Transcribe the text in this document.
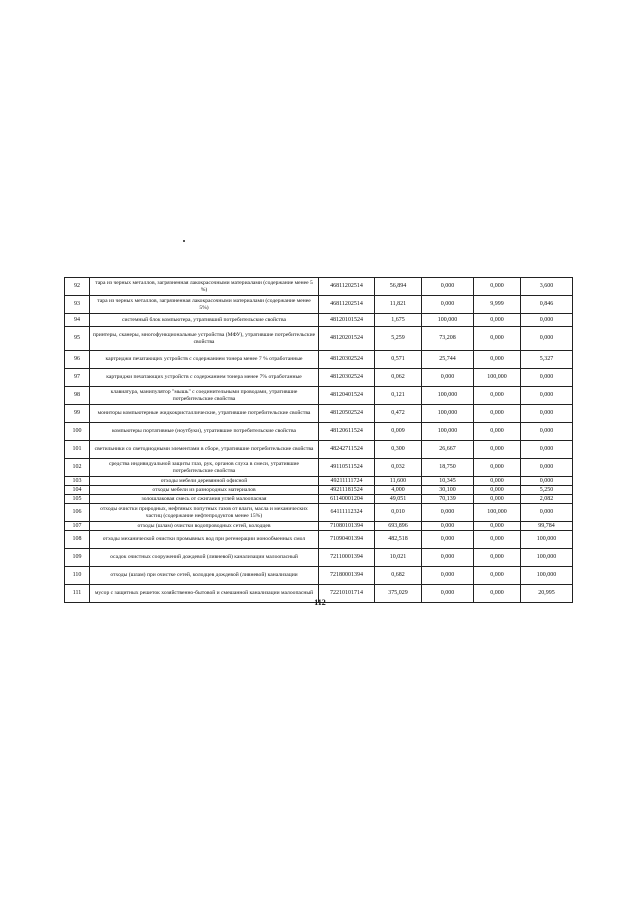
92	тара из черных металлов, загрязненная лакокрасочными материалами (содержание менее 5 %)	46811202514	56,894	0,000	0,000	3,600
93	тара из черных металлов, загрязненная лакокрасочными материалами (содержание менее 5%)	46811202514	11,821	0,000	9,999	0,846
94	системный блок компьютера, утративший потребительские свойства	48120101524	1,675	100,000	0,000	0,000
95	принтеры, сканеры, многофункциональные устройства (МФУ), утратившие потребительские свойства	48120201524	5,259	73,208	0,000	0,000
96	картриджи печатающих устройств с содержанием тонера менее 7 % отработанные	48120302524	0,571	25,744	0,000	5,327
97	картриджи печатающих устройств с содержанием тонера менее 7% отработанные	48120302524	0,062	0,000	100,000	0,000
98	клавиатура, манипулятор "мышь" с соединительными проводами, утратившие потребительские свойства	48120401524	0,121	100,000	0,000	0,000
99	мониторы компьютерные жидкокристаллические, утратившие потребительские свойства	48120502524	0,472	100,000	0,000	0,000
100	компьютеры портативные (ноутбуки), утратившие потребительские свойства	48120611524	0,009	100,000	0,000	0,000
101	светильники со светодиодными элементами в сборе, утратившие потребительские свойства	48242711524	0,300	26,667	0,000	0,000
102	средства индивидуальной защиты глаз, рук, органов слуха в смеси, утратившие потребительские свойства	49110511524	0,032	18,750	0,000	0,000
103	отходы мебели деревянной офисной	49211111724	11,600	10,345	0,000	0,000
104	отходы мебели из разнородных материалов	49211181524	4,000	30,100	0,000	5,250
105	золошлаковая смесь от сжигания углей малоопасная	61140001204	49,051	70,139	0,000	2,082
106	отходы очистки природных, нефтяных попутных газов от влаги, масла и механических частиц (содержание нефтепродуктов менее 15%)	64111112324	0,010	0,000	100,000	0,000
107	отходы (шлам) очистки водопроводных сетей, колодцев	71080101394	693,896	0,000	0,000	99,784
108	отходы механической очистки промывных вод при регенерации ионообменных смол	71090401394	482,518	0,000	0,000	100,000
109	осадок очистных сооружений дождевой (ливневой) канализации малоопасный	72110001394	10,021	0,000	0,000	100,000
110	отходы (шлам) при очистке сетей, колодцев дождевой (ливневой) канализации	72180001394	0,682	0,000	0,000	100,000
111	мусор с защитных решеток хозяйственно-бытовой и смешанной канализации малоопасный	72210101714	375,029	0,000	0,000	20,995
112
